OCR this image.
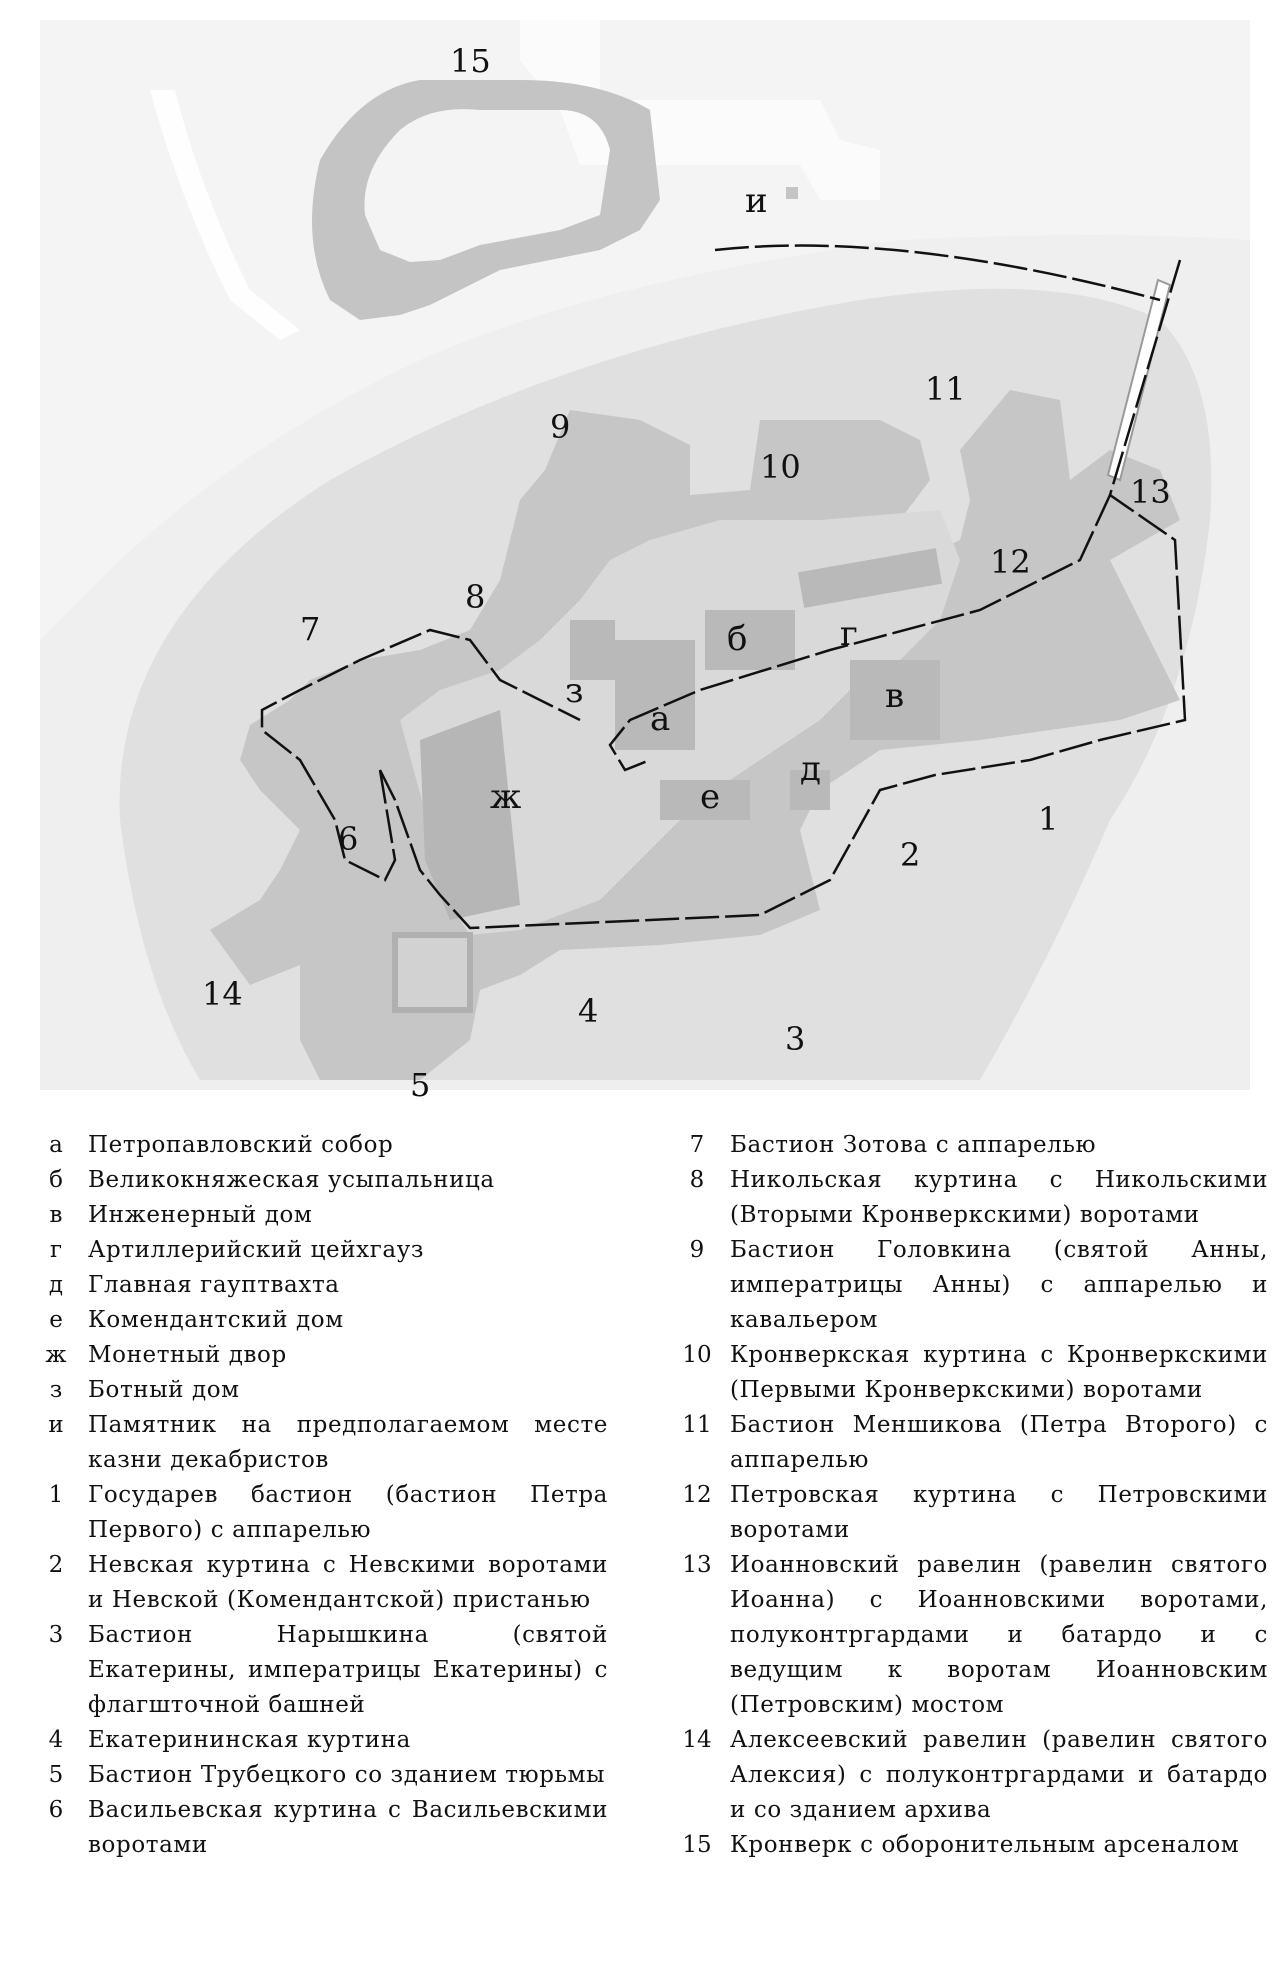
15
и
11
9
10
13
12
8
7	б	г
з
а
в
ж	е
д
1
2
6
14	4
3
5
а	Петропавловский собор
б	Великокняжеская усыпальница
в	Инженерный дом
г	Артиллерийский цейхгауз
д	Главная гауптвахта
е	Комендантский дом
ж Монетный двор
з	Ботный дом
и	Памятник на предполагаемом месте казни декабристов
1	Государев бастион (бастион Петра Первого) с аппарелью
2	Невская куртина с Невскими воротами и Невской (Комендантской) пристанью
3	Бастион Нарышкина (святой Екатерины, императрицы Екатерины) с флагшточной башней
4	Екатерининская куртина
5	Бастион Трубецкого со зданием тюрьмы
6	Васильевская куртина с Васильевскими воротами
7	Бастион Зотова с аппарелью
8	Никольская куртина с Никольскими (Вторыми Кронверкскими) воротами
9	Бастион Головкина (святой Анны, императрицы Анны) с аппарелью и кавальером
10 Кронверкская куртина с Кронверкскими (Первыми Кронверкскими) воротами
11 Бастион Меншикова (Петра Второго) с аппарелью
12 Петровская куртина с Петровскими воротами
13 Иоанновский равелин (равелин святого Иоанна) с Иоанновскими воротами, полуконтргардами и батардо и с ведущим к воротам Иоанновским (Петровским) мостом
14 Алексеевский равелин (равелин святого Алексия) с полуконтргардами и батардо и со зданием архива
15 Кронверк с оборонительным арсеналом
